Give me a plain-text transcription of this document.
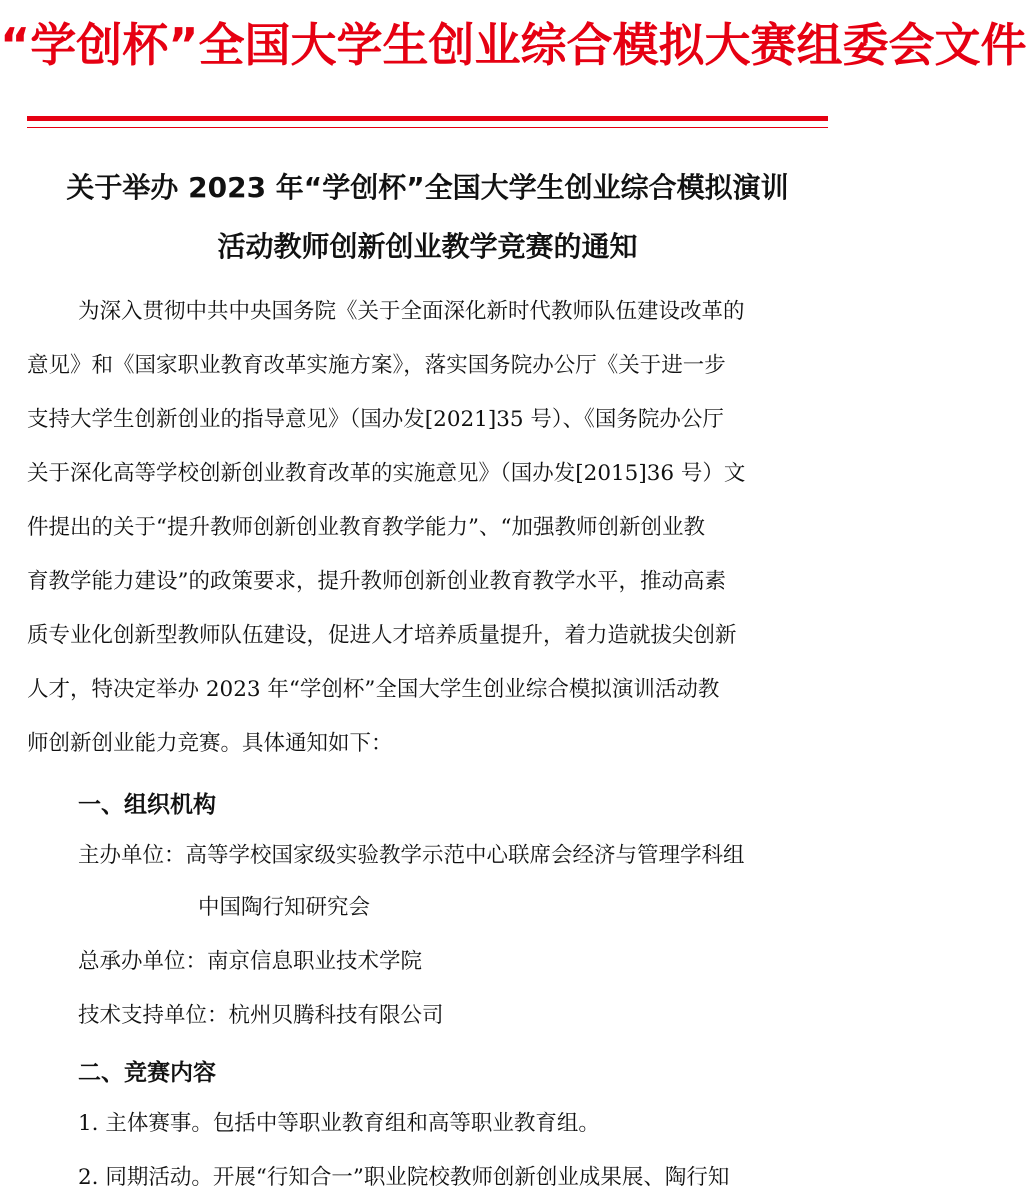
“学创杯”全国大学生创业综合模拟大赛组委会文件
关于举办 2023 年“学创杯”全国大学生创业综合模拟演训
活动教师创新创业教学竞赛的通知
为深入贯彻中共中央国务院《关于全面深化新时代教师队伍建设改革的
意见》和《国家职业教育改革实施方案》，落实国务院办公厅《关于进一步
支持大学生创新创业的指导意见》（国办发[2021]35 号）、《国务院办公厅
关于深化高等学校创新创业教育改革的实施意见》（国办发[2015]36 号）文
件提出的关于“提升教师创新创业教育教学能力”、“加强教师创新创业教
育教学能力建设”的政策要求，提升教师创新创业教育教学水平，推动高素
质专业化创新型教师队伍建设，促进人才培养质量提升，着力造就拔尖创新
人才，特决定举办 2023 年“学创杯”全国大学生创业综合模拟演训活动教
师创新创业能力竞赛。具体通知如下：
一、组织机构
主办单位：高等学校国家级实验教学示范中心联席会经济与管理学科组
中国陶行知研究会
总承办单位：南京信息职业技术学院
技术支持单位：杭州贝腾科技有限公司
二、竞赛内容
1. 主体赛事。包括中等职业教育组和高等职业教育组。
2. 同期活动。开展“行知合一”职业院校教师创新创业成果展、陶行知
